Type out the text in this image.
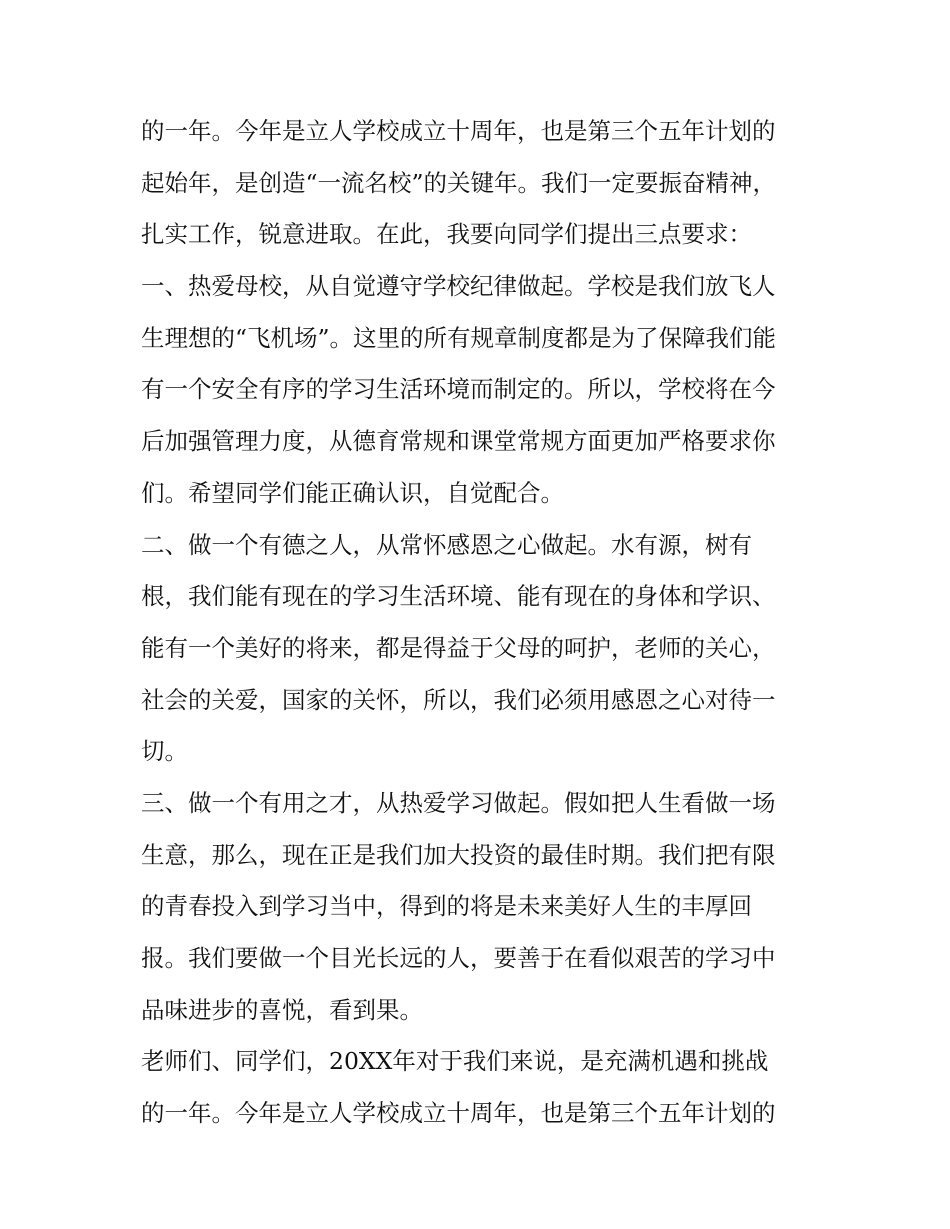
的一年。今年是立人学校成立十周年，也是第三个五年计划的
起始年，是创造“一流名校”的关键年。我们一定要振奋精神，
扎实工作，锐意进取。在此，我要向同学们提出三点要求：
一、热爱母校，从自觉遵守学校纪律做起。学校是我们放飞人
生理想的“飞机场”。这里的所有规章制度都是为了保障我们能
有一个安全有序的学习生活环境而制定的。所以，学校将在今
后加强管理力度，从德育常规和课堂常规方面更加严格要求你
们。希望同学们能正确认识，自觉配合。
二、做一个有德之人，从常怀感恩之心做起。水有源，树有
根，我们能有现在的学习生活环境、能有现在的身体和学识、
能有一个美好的将来，都是得益于父母的呵护，老师的关心，
社会的关爱，国家的关怀，所以，我们必须用感恩之心对待一
切。
三、做一个有用之才，从热爱学习做起。假如把人生看做一场
生意，那么，现在正是我们加大投资的最佳时期。我们把有限
的青春投入到学习当中，得到的将是未来美好人生的丰厚回
报。我们要做一个目光长远的人，要善于在看似艰苦的学习中
品味进步的喜悦，看到果。
老师们、同学们，20XX年对于我们来说，是充满机遇和挑战
的一年。今年是立人学校成立十周年，也是第三个五年计划的
